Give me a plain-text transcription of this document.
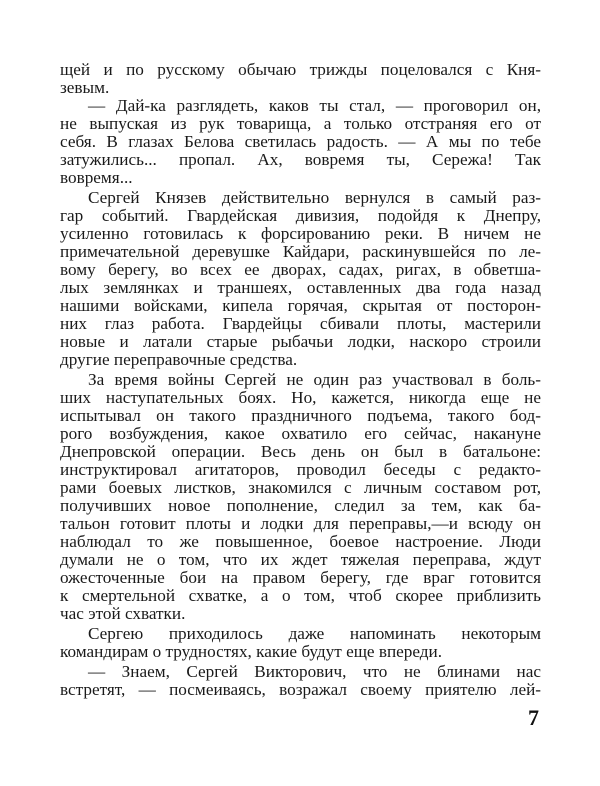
щей и по русскому обычаю трижды поцеловался с Кня-
зевым.
— Дай-ка разглядеть, каков ты стал, — проговорил он,
не выпуская из рук товарища, а только отстраняя его от
себя. В глазах Белова светилась радость. — А мы по тебе
затужились... пропал. Ах, вовремя ты, Сережа! Так
вовремя...
Сергей Князев действительно вернулся в самый раз-
гар событий. Гвардейская дивизия, подойдя к Днепру,
усиленно готовилась к форсированию реки. В ничем не
примечательной деревушке Кайдари, раскинувшейся по ле-
вому берегу, во всех ее дворах, садах, ригах, в обветша-
лых землянках и траншеях, оставленных два года назад
нашими войсками, кипела горячая, скрытая от посторон-
них глаз работа. Гвардейцы сбивали плоты, мастерили
новые и латали старые рыбачьи лодки, наскоро строили
другие переправочные средства.
За время войны Сергей не один раз участвовал в боль-
ших наступательных боях. Но, кажется, никогда еще не
испытывал он такого праздничного подъема, такого бод-
рого возбуждения, какое охватило его сейчас, накануне
Днепровской операции. Весь день он был в батальоне:
инструктировал агитаторов, проводил беседы с редакто-
рами боевых листков, знакомился с личным составом рот,
получивших новое пополнение, следил за тем, как ба-
тальон готовит плоты и лодки для переправы,—и всюду он
наблюдал то же повышенное, боевое настроение. Люди
думали не о том, что их ждет тяжелая переправа, ждут
ожесточенные бои на правом берегу, где враг готовится
к смертельной схватке, а о том, чтоб скорее приблизить
час этой схватки.
Сергею приходилось даже напоминать некоторым
командирам о трудностях, какие будут еще впереди.
— Знаем, Сергей Викторович, что не блинами нас
встретят, — посмеиваясь, возражал своему приятелю лей-
7
